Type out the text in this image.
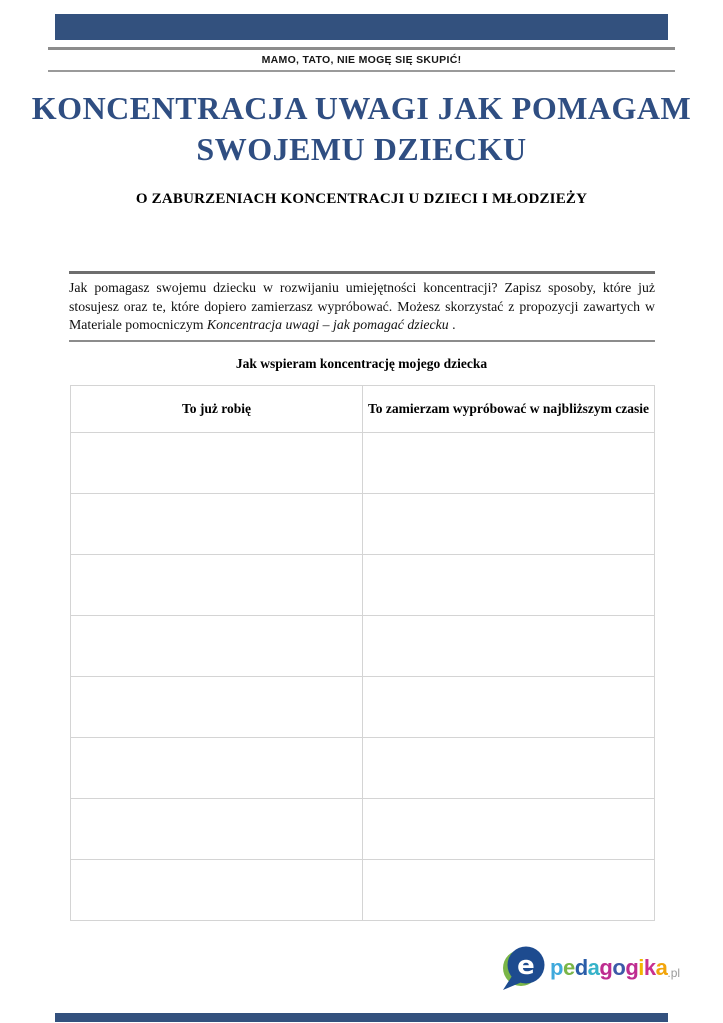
MAMO, TATO, NIE MOGĘ SIĘ SKUPIĆ!
KONCENTRACJA UWAGI JAK POMAGAM
SWOJEMU DZIECKU
O ZABURZENIACH KONCENTRACJI U DZIECI I MŁODZIEŻY

Jak pomagasz swojemu dziecku w rozwijaniu umiejętności koncentracji? Zapisz sposoby, które już stosujesz oraz te, które dopiero zamierzasz wypróbować. Możesz skorzystać z propozycji zawartych w Materiale pomocniczym Koncentracja uwagi – jak pomagać dziecku .

Jak wspieram koncentrację mojego dziecka
To już robię	To zamierzam wypróbować w najbliższym czasie

e pedagogika .pl
